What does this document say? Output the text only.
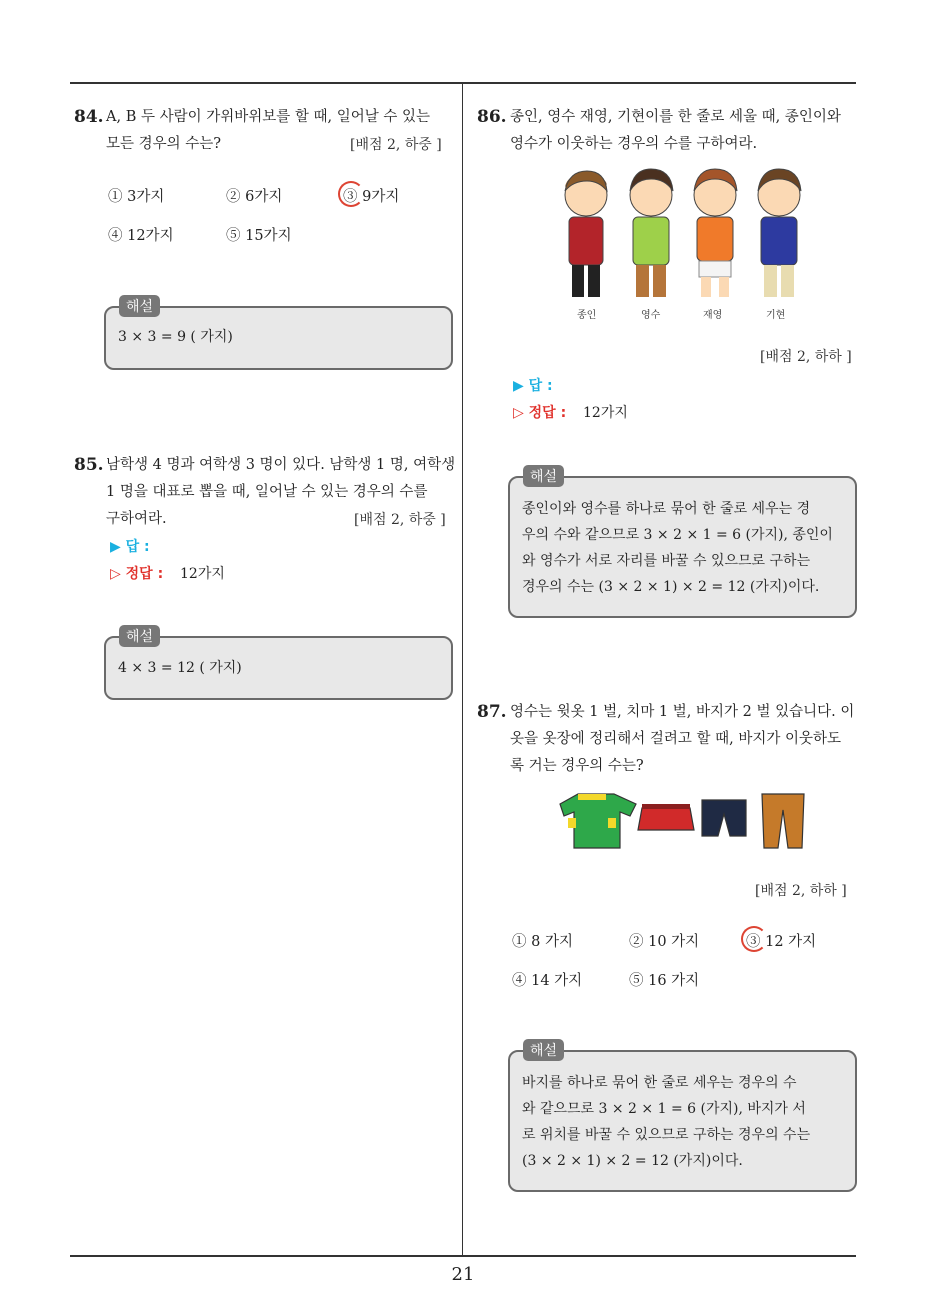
21
84. A, B 두 사람이 가위바위보를 할 때, 일어날 수 있는
모든 경우의 수는?	[배점 2, 하중 ]
① 3가지	② 6가지	③ 9가지
④ 12가지	⑤ 15가지
3 × 3 = 9 ( 가지)
해설
85. 남학생 4 명과 여학생 3 명이 있다. 남학생 1 명, 여학생
1 명을 대표로 뽑을 때, 일어날 수 있는 경우의 수를
구하여라.	[배점 2, 하중 ]
▶ 답 :
▷ 정답 : 12가지
4 × 3 = 12 ( 가지)
해설
86. 종인, 영수 재영, 기현이를 한 줄로 세울 때, 종인이와
영수가 이웃하는 경우의 수를 구하여라.
종인	영수	재영	기현
[배점 2, 하하 ]
▶ 답 :
▷ 정답 : 12가지
종인이와 영수를 하나로 묶어 한 줄로 세우는 경
우의 수와 같으므로 3 × 2 × 1 = 6 (가지), 종인이
와 영수가 서로 자리를 바꿀 수 있으므로 구하는
경우의 수는 (3 × 2 × 1) × 2 = 12 (가지)이다.
해설
87. 영수는 윗옷 1 벌, 치마 1 벌, 바지가 2 벌 있습니다. 이
옷을 옷장에 정리해서 걸려고 할 때, 바지가 이웃하도
록 거는 경우의 수는?
[배점 2, 하하 ]
① 8 가지	② 10 가지	③ 12 가지
④ 14 가지	⑤ 16 가지
바지를 하나로 묶어 한 줄로 세우는 경우의 수
와 같으므로 3 × 2 × 1 = 6 (가지), 바지가 서
로 위치를 바꿀 수 있으므로 구하는 경우의 수는
(3 × 2 × 1) × 2 = 12 (가지)이다.
해설
